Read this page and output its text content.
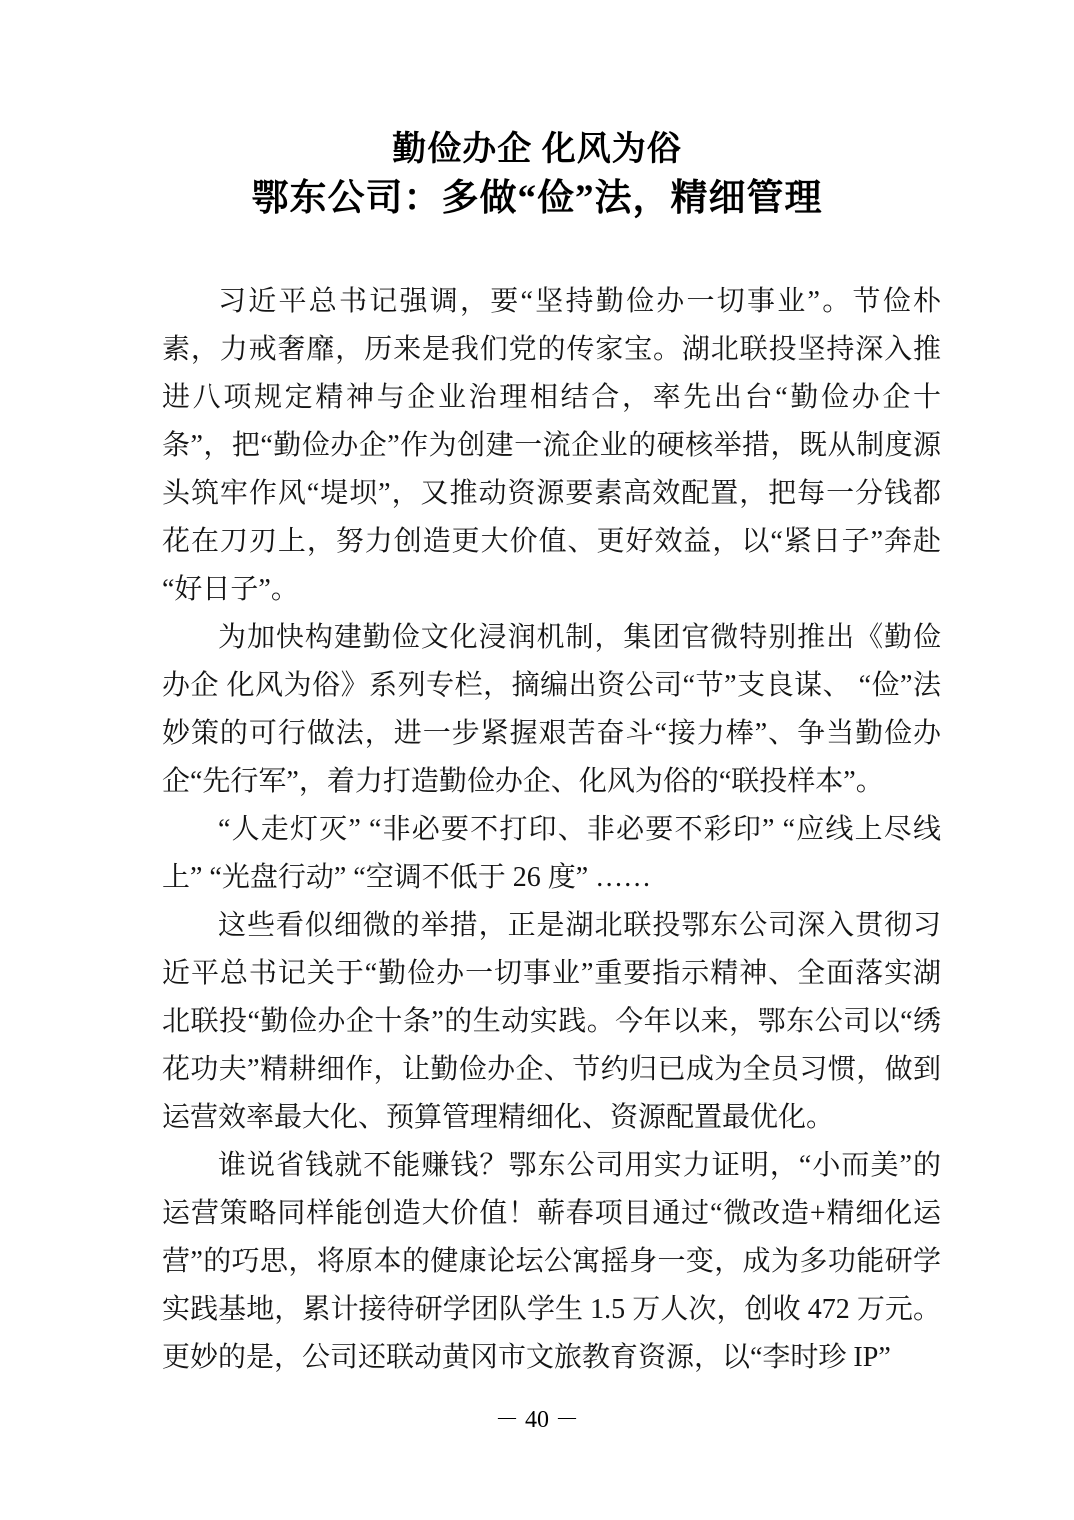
勤俭办企 化风为俗
鄂东公司：多做“俭”法，精细管理

习近平总书记强调，要“坚持勤俭办一切事业”。节俭朴素，力戒奢靡，历来是我们党的传家宝。湖北联投坚持深入推进八项规定精神与企业治理相结合，率先出台“勤俭办企十条”，把“勤俭办企”作为创建一流企业的硬核举措，既从制度源头筑牢作风“堤坝”，又推动资源要素高效配置，把每一分钱都花在刀刃上，努力创造更大价值、更好效益，以“紧日子”奔赴“好日子”。

为加快构建勤俭文化浸润机制，集团官微特别推出《勤俭办企 化风为俗》系列专栏，摘编出资公司“节”支良谋、 “俭”法妙策的可行做法，进一步紧握艰苦奋斗“接力棒”、争当勤俭办企“先行军”，着力打造勤俭办企、化风为俗的“联投样本”。

“人走灯灭” “非必要不打印、非必要不彩印” “应线上尽线上” “光盘行动” “空调不低于 26 度” ……

这些看似细微的举措，正是湖北联投鄂东公司深入贯彻习近平总书记关于“勤俭办一切事业”重要指示精神、全面落实湖北联投“勤俭办企十条”的生动实践。今年以来，鄂东公司以“绣花功夫”精耕细作，让勤俭办企、节约归已成为全员习惯，做到运营效率最大化、预算管理精细化、资源配置最优化。

谁说省钱就不能赚钱？鄂东公司用实力证明，“小而美”的运营策略同样能创造大价值！蕲春项目通过“微改造+精细化运营”的巧思，将原本的健康论坛公寓摇身一变，成为多功能研学实践基地，累计接待研学团队学生 1.5 万人次，创收 472 万元。更妙的是，公司还联动黄冈市文旅教育资源，以“李时珍 IP”

－ 40 －
